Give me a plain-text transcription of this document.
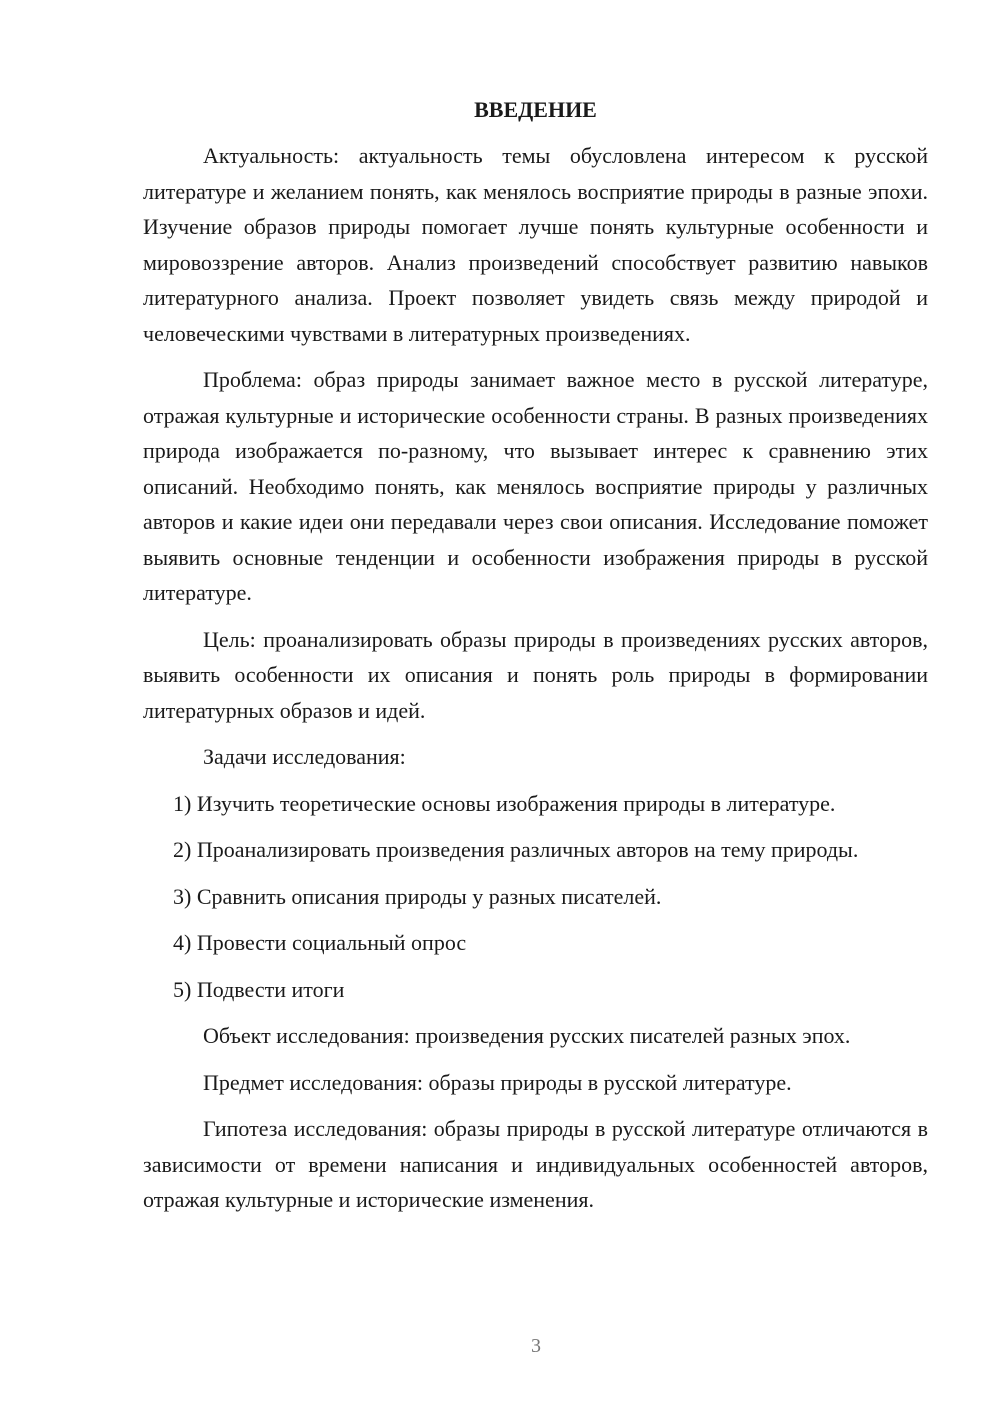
ВВЕДЕНИЕ

Актуальность: актуальность темы обусловлена интересом к русской литературе и желанием понять, как менялось восприятие природы в разные эпохи. Изучение образов природы помогает лучше понять культурные особенности и мировоззрение авторов. Анализ произведений способствует развитию навыков литературного анализа. Проект позволяет увидеть связь между природой и человеческими чувствами в литературных произведениях.

Проблема: образ природы занимает важное место в русской литературе, отражая культурные и исторические особенности страны. В разных произведениях природа изображается по-разному, что вызывает интерес к сравнению этих описаний. Необходимо понять, как менялось восприятие природы у различных авторов и какие идеи они передавали через свои описания. Исследование поможет выявить основные тенденции и особенности изображения природы в русской литературе.

Цель: проанализировать образы природы в произведениях русских авторов, выявить особенности их описания и понять роль природы в формировании литературных образов и идей.

Задачи исследования:

1) Изучить теоретические основы изображения природы в литературе.

2) Проанализировать произведения различных авторов на тему природы.

3) Сравнить описания природы у разных писателей.

4) Провести социальный опрос

5) Подвести итоги

Объект исследования: произведения русских писателей разных эпох.

Предмет исследования: образы природы в русской литературе.

Гипотеза исследования: образы природы в русской литературе отличаются в зависимости от времени написания и индивидуальных особенностей авторов, отражая культурные и исторические изменения.

3
